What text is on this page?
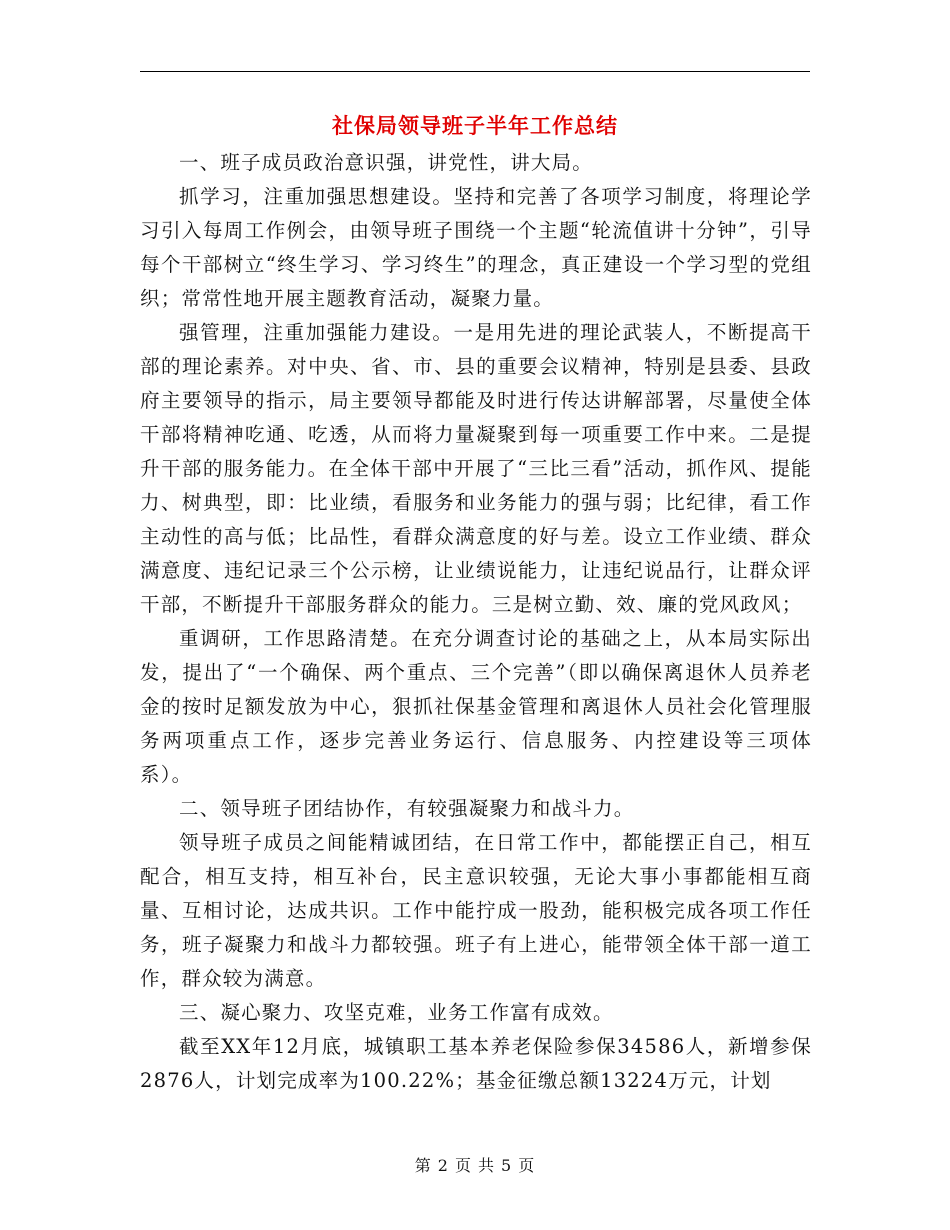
社保局领导班子半年工作总结

一、班子成员政治意识强，讲党性，讲大局。

抓学习，注重加强思想建设。坚持和完善了各项学习制度，将理论学习引入每周工作例会，由领导班子围绕一个主题“轮流值讲十分钟”，引导每个干部树立“终生学习、学习终生”的理念，真正建设一个学习型的党组织；常常性地开展主题教育活动，凝聚力量。

强管理，注重加强能力建设。一是用先进的理论武装人，不断提高干部的理论素养。对中央、省、市、县的重要会议精神，特别是县委、县政府主要领导的指示，局主要领导都能及时进行传达讲解部署，尽量使全体干部将精神吃通、吃透，从而将力量凝聚到每一项重要工作中来。二是提升干部的服务能力。在全体干部中开展了“三比三看”活动，抓作风、提能力、树典型，即：比业绩，看服务和业务能力的强与弱；比纪律，看工作主动性的高与低；比品性，看群众满意度的好与差。设立工作业绩、群众满意度、违纪记录三个公示榜，让业绩说能力，让违纪说品行，让群众评干部，不断提升干部服务群众的能力。三是树立勤、效、廉的党风政风；

重调研，工作思路清楚。在充分调查讨论的基础之上，从本局实际出发，提出了“一个确保、两个重点、三个完善”（即以确保离退休人员养老金的按时足额发放为中心，狠抓社保基金管理和离退休人员社会化管理服务两项重点工作，逐步完善业务运行、信息服务、内控建设等三项体系）。

二、领导班子团结协作，有较强凝聚力和战斗力。

领导班子成员之间能精诚团结，在日常工作中，都能摆正自己，相互配合，相互支持，相互补台，民主意识较强，无论大事小事都能相互商量、互相讨论，达成共识。工作中能拧成一股劲，能积极完成各项工作任务，班子凝聚力和战斗力都较强。班子有上进心，能带领全体干部一道工作，群众较为满意。

三、凝心聚力、攻坚克难，业务工作富有成效。

截至XX年12月底，城镇职工基本养老保险参保34586人，新增参保2876人，计划完成率为100.22%；基金征缴总额13224万元，计划

第 2 页 共 5 页
